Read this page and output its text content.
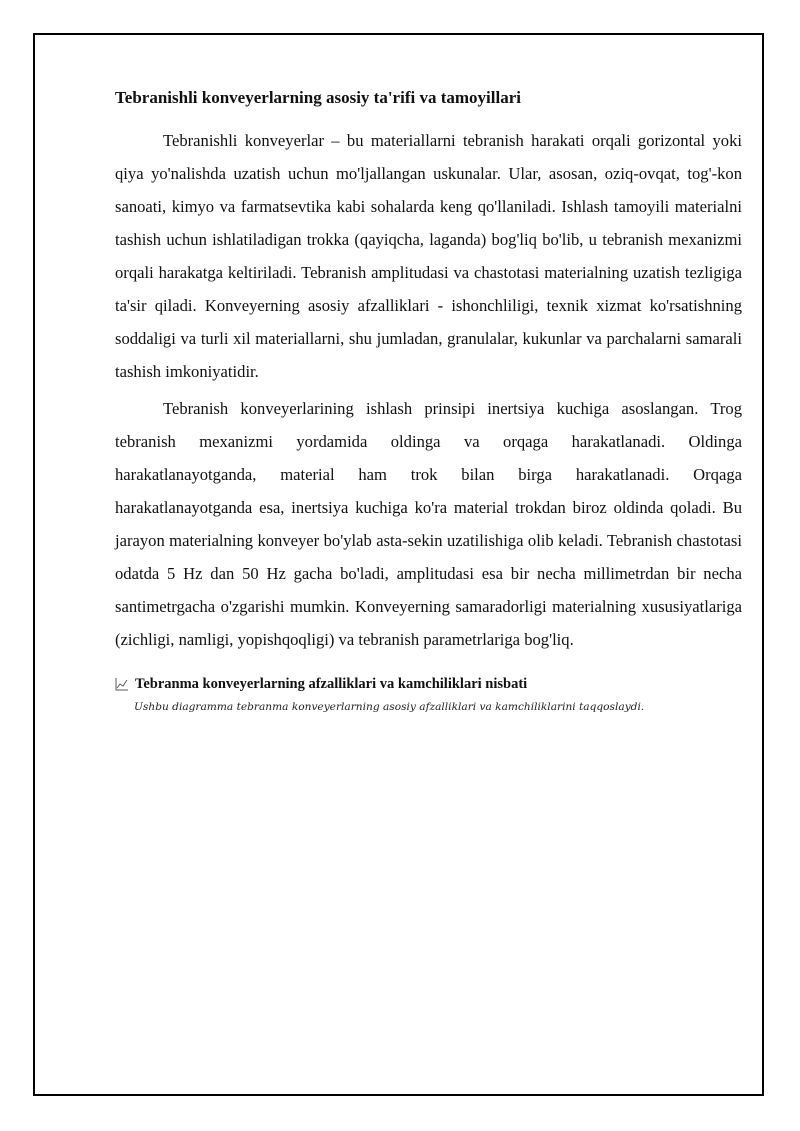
Tebranishli konveyerlarning asosiy ta'rifi va tamoyillari

Tebranishli konveyerlar – bu materiallarni tebranish harakati orqali gorizontal yoki qiya yo'nalishda uzatish uchun mo'ljallangan uskunalar. Ular, asosan, oziq-ovqat, tog'-kon sanoati, kimyo va farmatsevtika kabi sohalarda keng qo'llaniladi. Ishlash tamoyili materialni tashish uchun ishlatiladigan trokka (qayiqcha, laganda) bog'liq bo'lib, u tebranish mexanizmi orqali harakatga keltiriladi. Tebranish amplitudasi va chastotasi materialning uzatish tezligiga ta'sir qiladi. Konveyerning asosiy afzalliklari - ishonchliligi, texnik xizmat ko'rsatishning soddaligi va turli xil materiallarni, shu jumladan, granulalar, kukunlar va parchalarni samarali tashish imkoniyatidir.

Tebranish konveyerlarining ishlash prinsipi inertsiya kuchiga asoslangan. Trog tebranish mexanizmi yordamida oldinga va orqaga harakatlanadi. Oldinga harakatlanayotganda, material ham trok bilan birga harakatlanadi. Orqaga harakatlanayotganda esa, inertsiya kuchiga ko'ra material trokdan biroz oldinda qoladi. Bu jarayon materialning konveyer bo'ylab asta-sekin uzatilishiga olib keladi. Tebranish chastotasi odatda 5 Hz dan 50 Hz gacha bo'ladi, amplitudasi esa bir necha millimetrdan bir necha santimetrgacha o'zgarishi mumkin. Konveyerning samaradorligi materialning xususiyatlariga (zichligi, namligi, yopishqoqligi) va tebranish parametrlariga bog'liq.

Tebranma konveyerlarning afzalliklari va kamchiliklari nisbati
Ushbu diagramma tebranma konveyerlarning asosiy afzalliklari va kamchiliklarini taqqoslaydi.
